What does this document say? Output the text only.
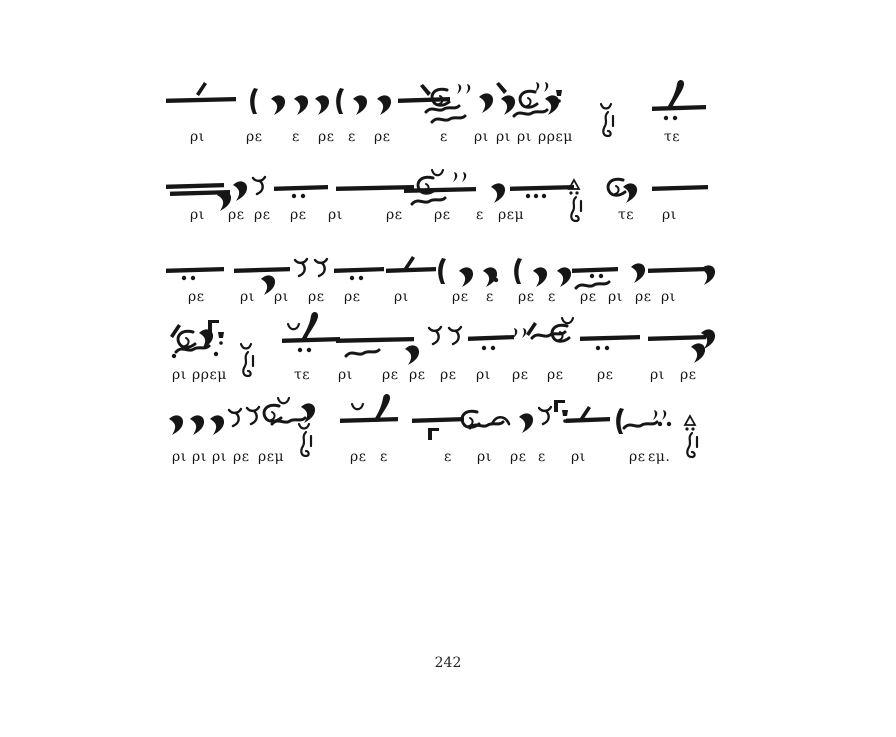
ρι	ρε ε ρε ε ρε	ε ρι ρι ρι ρρεμ	τε
ρι ρε ρε ρε ρι	ρε ρε ε ρεμ	τε ρι
ρε	ρι ρι ρε ρε ρι	ρε ε ρε ε ρε ρι ρε ρι
ρι ρρεμ	τε ρι ρε ρε ρε ρι ρε ρε ρε	ρι ρε
ρι ρι ρι ρε ρεμ	ρε ε	ε ρι ρε ε ρι	ρε εμ.
242
